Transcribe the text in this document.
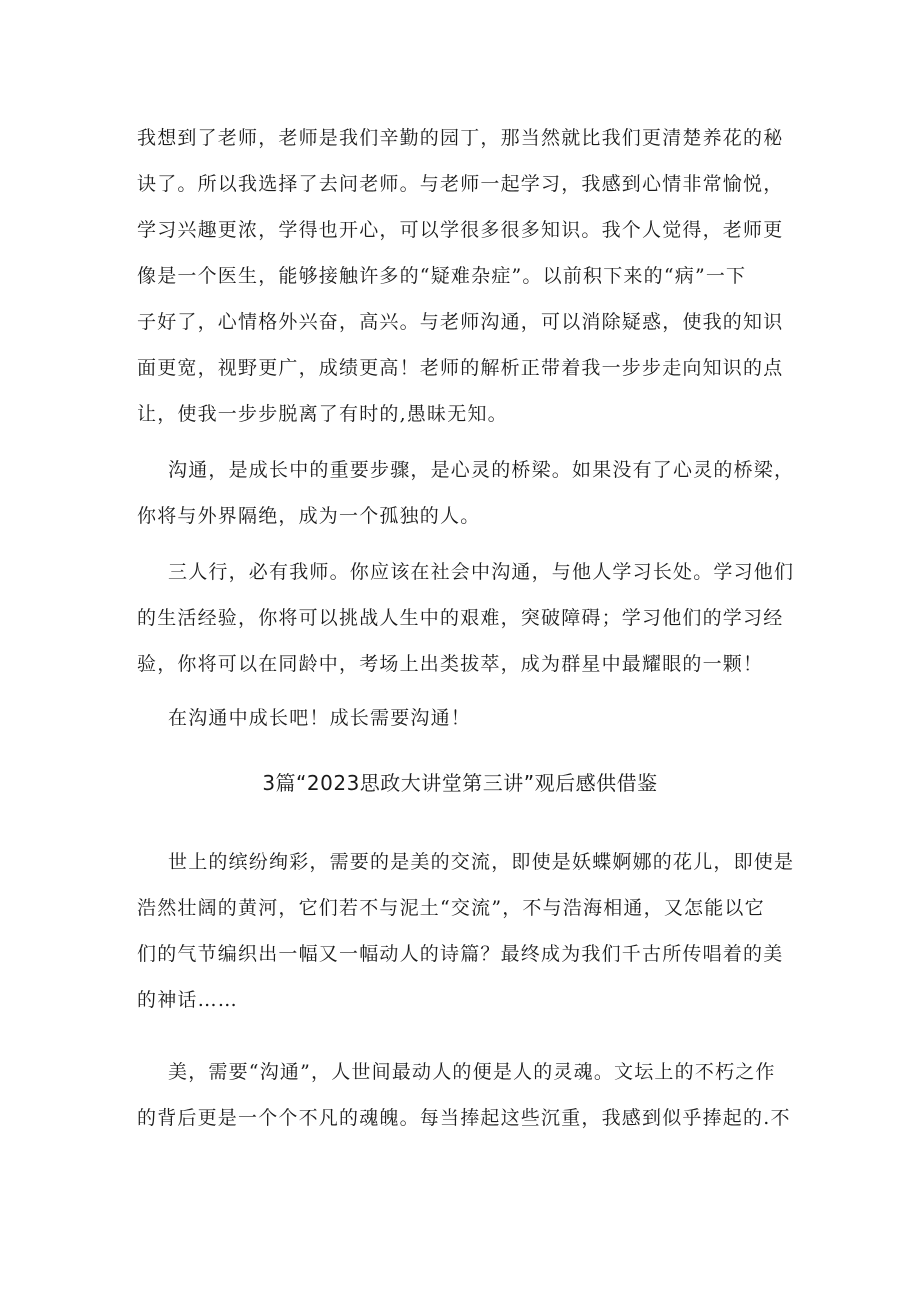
我想到了老师，老师是我们辛勤的园丁，那当然就比我们更清楚养花的秘
诀了。所以我选择了去问老师。与老师一起学习，我感到心情非常愉悦，
学习兴趣更浓，学得也开心，可以学很多很多知识。我个人觉得，老师更
像是一个医生，能够接触许多的“疑难杂症”。以前积下来的“病”一下
子好了，心情格外兴奋，高兴。与老师沟通，可以消除疑惑，使我的知识
面更宽，视野更广，成绩更高！老师的解析正带着我一步步走向知识的点
让，使我一步步脱离了有时的,愚昧无知。
沟通，是成长中的重要步骤，是心灵的桥梁。如果没有了心灵的桥梁，
你将与外界隔绝，成为一个孤独的人。
三人行，必有我师。你应该在社会中沟通，与他人学习长处。学习他们
的生活经验，你将可以挑战人生中的艰难，突破障碍；学习他们的学习经
验，你将可以在同龄中，考场上出类拔萃，成为群星中最耀眼的一颗！
在沟通中成长吧！成长需要沟通！
3篇“2023思政大讲堂第三讲”观后感供借鉴
世上的缤纷绚彩，需要的是美的交流，即使是妖蝶婀娜的花儿，即使是
浩然壮阔的黄河，它们若不与泥土“交流”，不与浩海相通，又怎能以它
们的气节编织出一幅又一幅动人的诗篇？最终成为我们千古所传唱着的美
的神话……
美，需要“沟通”，人世间最动人的便是人的灵魂。文坛上的不朽之作
的背后更是一个个不凡的魂魄。每当捧起这些沉重，我感到似乎捧起的.不
